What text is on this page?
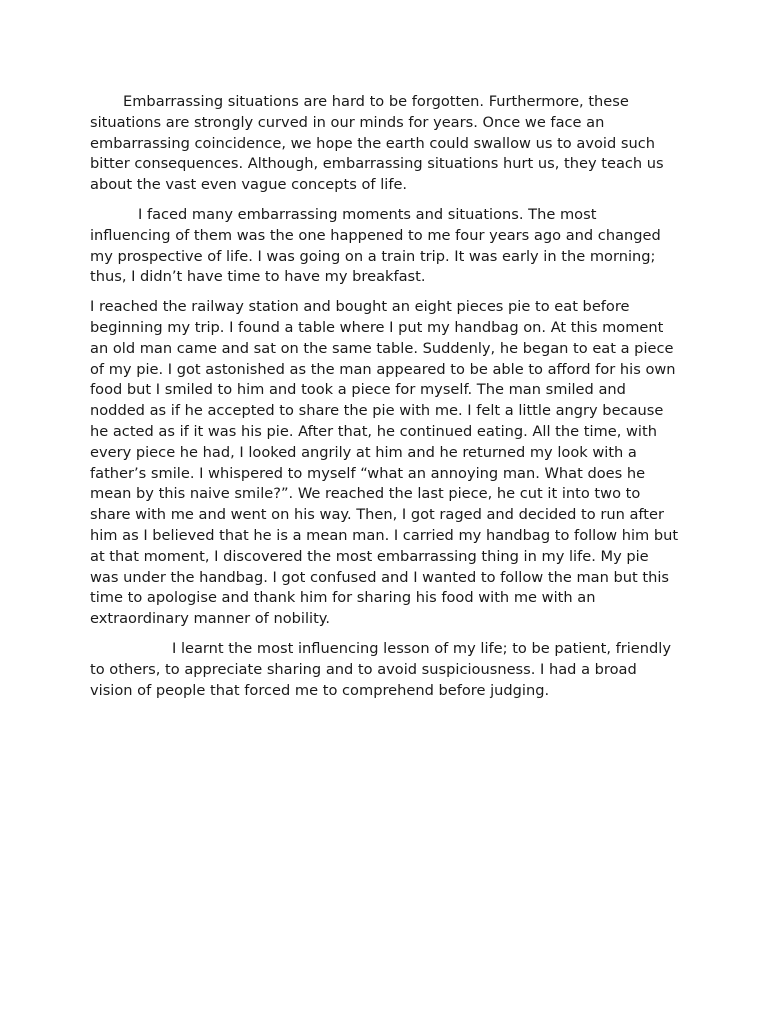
Embarrassing situations are hard to be forgotten. Furthermore, these situations are strongly curved in our minds for years. Once we face an embarrassing coincidence, we hope the earth could swallow us to avoid such bitter consequences. Although, embarrassing situations hurt us, they teach us about the vast even vague concepts of life.

I faced many embarrassing moments and situations. The most influencing of them was the one happened to me four years ago and changed my prospective of life. I was going on a train trip. It was early in the morning; thus, I didn’t have time to have my breakfast.

I reached the railway station and bought an eight pieces pie to eat before beginning my trip. I found a table where I put my handbag on. At this moment an old man came and sat on the same table. Suddenly, he began to eat a piece of my pie. I got astonished as the man appeared to be able to afford for his own food but I smiled to him and took a piece for myself. The man smiled and nodded as if he accepted to share the pie with me. I felt a little angry because he acted as if it was his pie. After that, he continued eating. All the time, with every piece he had, I looked angrily at him and he returned my look with a father’s smile. I whispered to myself “what an annoying man. What does he mean by this naive smile?”. We reached the last piece, he cut it into two to share with me and went on his way. Then, I got raged and decided to run after him as I believed that he is a mean man. I carried my handbag to follow him but at that moment, I discovered the most embarrassing thing in my life. My pie was under the handbag. I got confused and I wanted to follow the man but this time to apologise and thank him for sharing his food with me with an extraordinary manner of nobility.

I learnt the most influencing lesson of my life; to be patient, friendly to others, to appreciate sharing and to avoid suspiciousness. I had a broad vision of people that forced me to comprehend before judging.
